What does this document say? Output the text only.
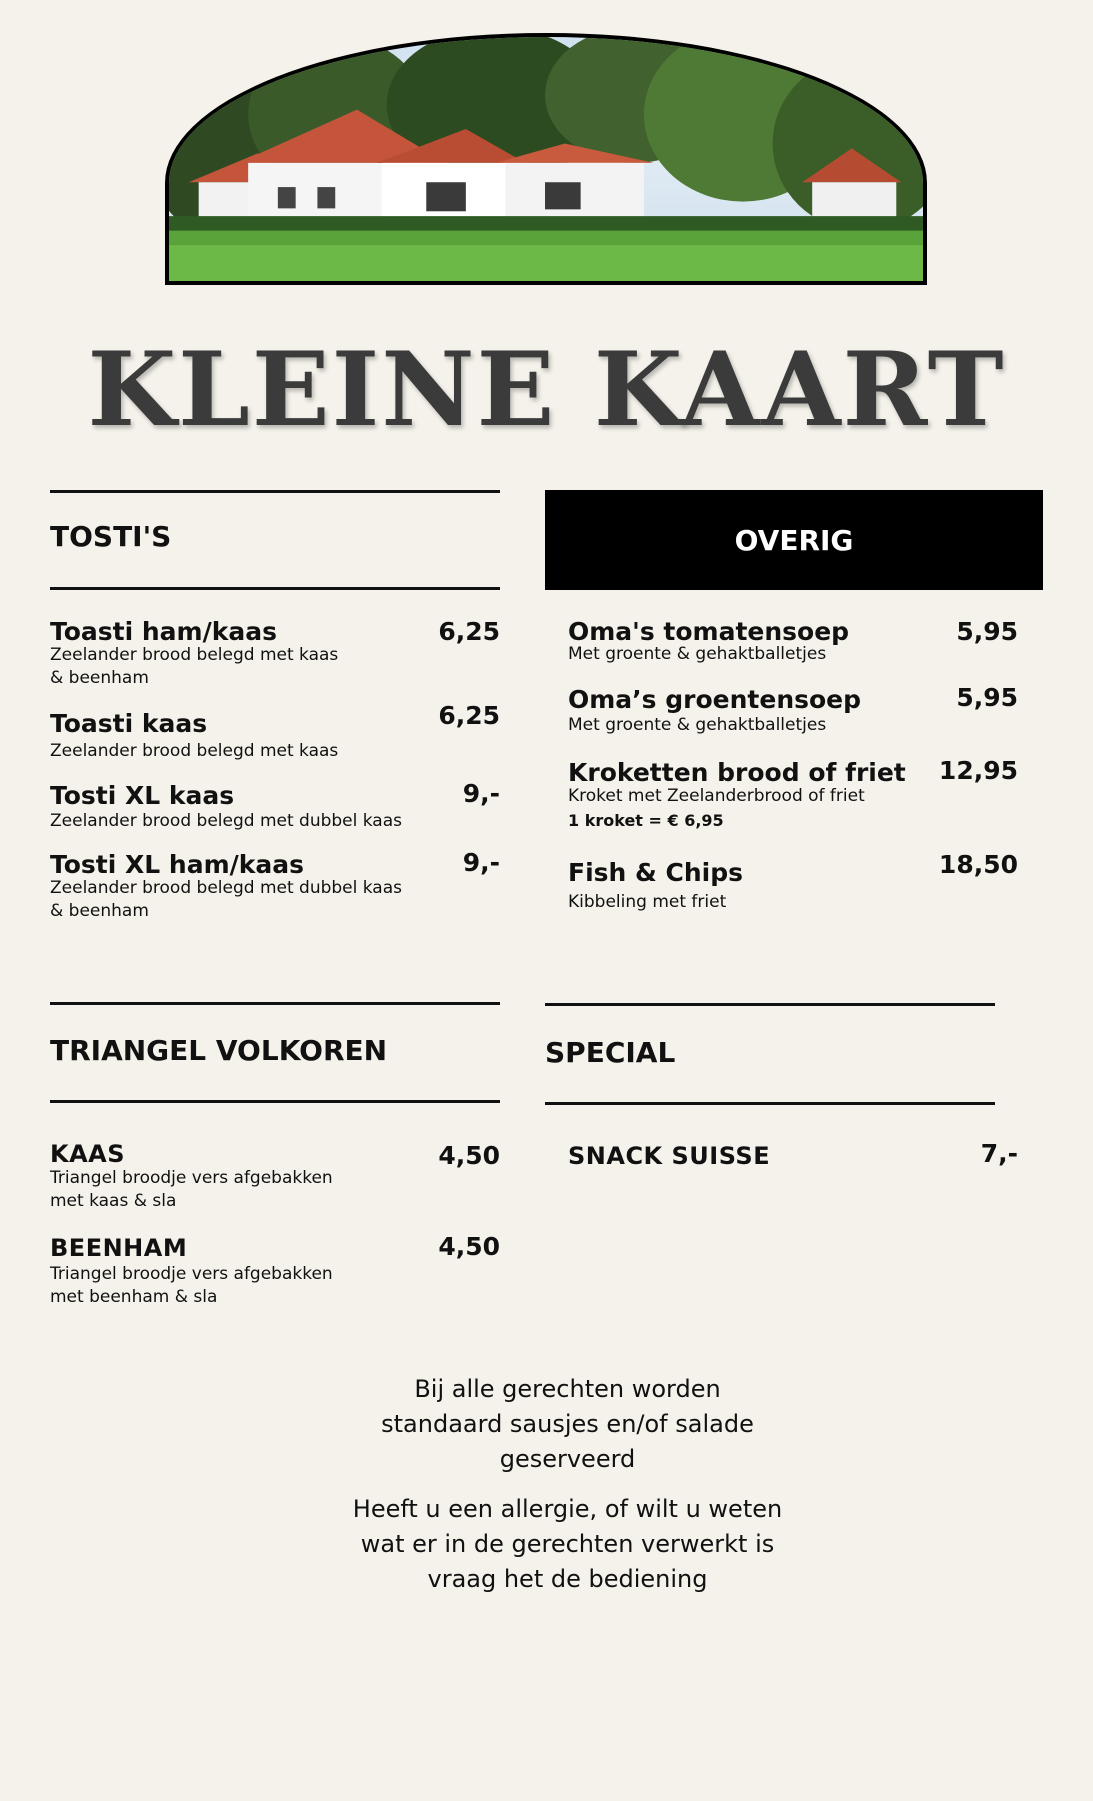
KLEINE KAART
TOSTI'S
Toasti ham/kaas	6,25
Zeelander brood belegd met kaas
& beenham
Toasti kaas	6,25
Zeelander brood belegd met kaas
Tosti XL kaas	9,-
Zeelander brood belegd met dubbel kaas
Tosti XL ham/kaas	9,-
Zeelander brood belegd met dubbel kaas
& beenham
OVERIG
Oma's tomatensoep	5,95
Met groente & gehaktballetjes
Oma’s groentensoep	5,95
Met groente & gehaktballetjes
Kroketten brood of friet 12,95
Kroket met Zeelanderbrood of friet
1 kroket = € 6,95
Fish & Chips	18,50
Kibbeling met friet
TRIANGEL VOLKOREN
KAAS	4,50
Triangel broodje vers afgebakken
met kaas & sla
BEENHAM	4,50
Triangel broodje vers afgebakken
met beenham & sla
SPECIAL
SNACK SUISSE	7,-
Bij alle gerechten worden
standaard sausjes en/of salade
geserveerd
Heeft u een allergie, of wilt u weten
wat er in de gerechten verwerkt is
vraag het de bediening
